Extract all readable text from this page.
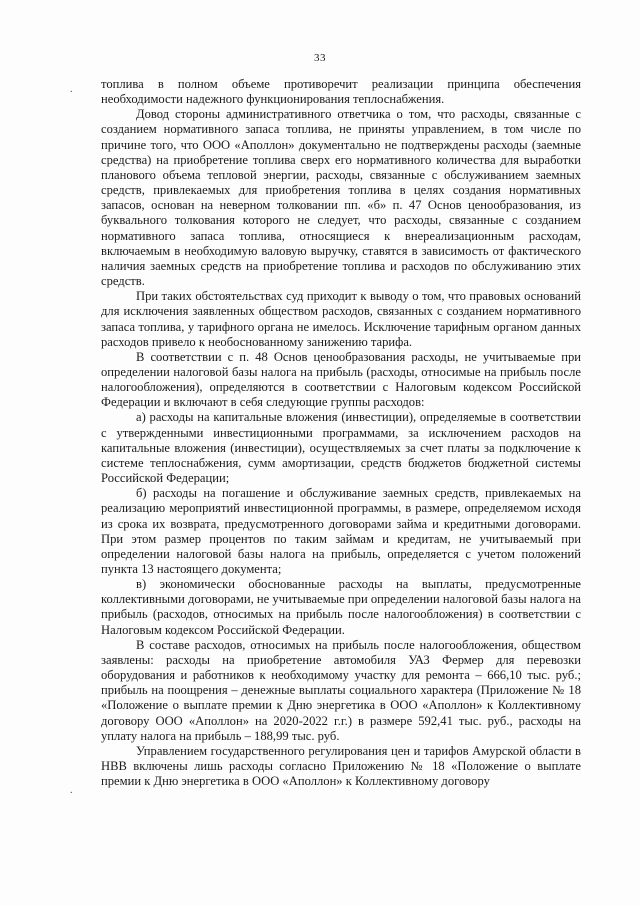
33
.
.

топлива в полном объеме противоречит реализации принципа обеспечения необходимости надежного функционирования теплоснабжения.

Довод стороны административного ответчика о том, что расходы, связанные с созданием нормативного запаса топлива, не приняты управлением, в том числе по причине того, что ООО «Аполлон» документально не подтверждены расходы (заемные средства) на приобретение топлива сверх его нормативного количества для выработки планового объема тепловой энергии, расходы, связанные с обслуживанием заемных средств, привлекаемых для приобретения топлива в целях создания нормативных запасов, основан на неверном толковании пп. «б» п. 47 Основ ценообразования, из буквального толкования которого не следует, что расходы, связанные с созданием нормативного запаса топлива, относящиеся к внереализационным расходам, включаемым в необходимую валовую выручку, ставятся в зависимость от фактического наличия заемных средств на приобретение топлива и расходов по обслуживанию этих средств.

При таких обстоятельствах суд приходит к выводу о том, что правовых оснований для исключения заявленных обществом расходов, связанных с созданием нормативного запаса топлива, у тарифного органа не имелось. Исключение тарифным органом данных расходов привело к необоснованному занижению тарифа.

В соответствии с п. 48 Основ ценообразования расходы, не учитываемые при определении налоговой базы налога на прибыль (расходы, относимые на прибыль после налогообложения), определяются в соответствии с Налоговым кодексом Российской Федерации и включают в себя следующие группы расходов:

а) расходы на капитальные вложения (инвестиции), определяемые в соответствии с утвержденными инвестиционными программами, за исключением расходов на капитальные вложения (инвестиции), осуществляемых за счет платы за подключение к системе теплоснабжения, сумм амортизации, средств бюджетов бюджетной системы Российской Федерации;

б) расходы на погашение и обслуживание заемных средств, привлекаемых на реализацию мероприятий инвестиционной программы, в размере, определяемом исходя из срока их возврата, предусмотренного договорами займа и кредитными договорами. При этом размер процентов по таким займам и кредитам, не учитываемый при определении налоговой базы налога на прибыль, определяется с учетом положений пункта 13 настоящего документа;

в) экономически обоснованные расходы на выплаты, предусмотренные коллективными договорами, не учитываемые при определении налоговой базы налога на прибыль (расходов, относимых на прибыль после налогообложения) в соответствии с Налоговым кодексом Российской Федерации.

В составе расходов, относимых на прибыль после налогообложения, обществом заявлены: расходы на приобретение автомобиля УАЗ Фермер для перевозки оборудования и работников к необходимому участку для ремонта – 666,10 тыс. руб.; прибыль на поощрения – денежные выплаты социального характера (Приложение № 18 «Положение о выплате премии к Дню энергетика в ООО «Аполлон» к Коллективному договору ООО «Аполлон» на 2020-2022 г.г.) в размере 592,41 тыс. руб., расходы на уплату налога на прибыль – 188,99 тыс. руб.

Управлением государственного регулирования цен и тарифов Амурской области в НВВ включены лишь расходы согласно Приложению № 18 «Положение о выплате премии к Дню энергетика в ООО «Аполлон» к Коллективному договору
